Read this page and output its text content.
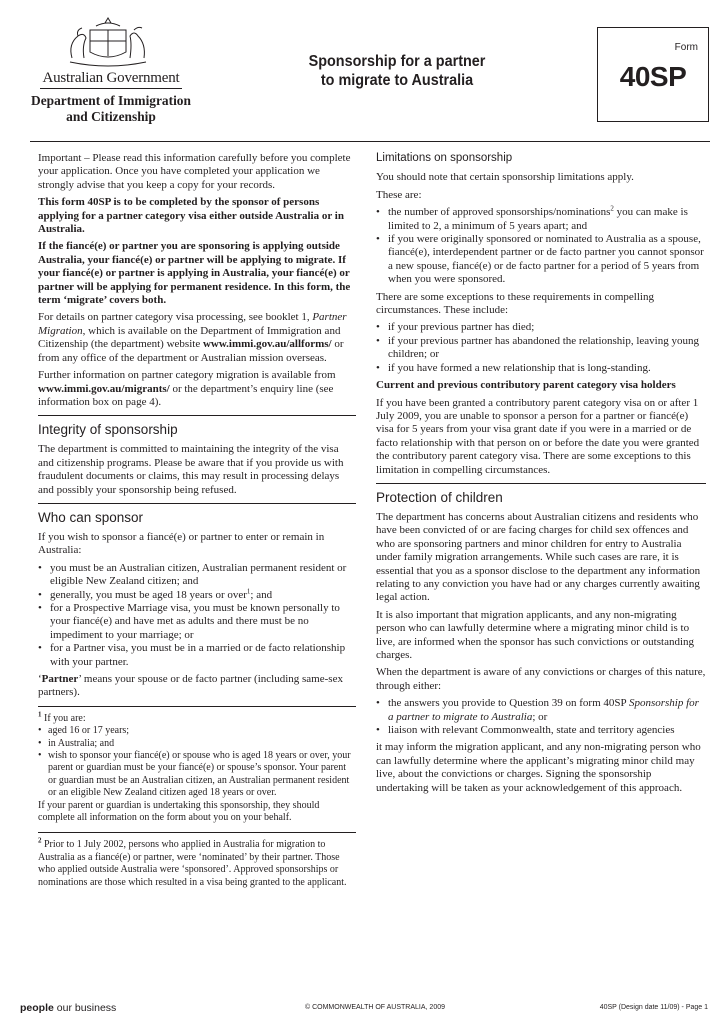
Australian Government
Department of Immigration
and Citizenship
Sponsorship for a partner
to migrate to Australia
Form
40SP

Important – Please read this information carefully before you complete your application. Once you have completed your application we strongly advise that you keep a copy for your records.

This form 40SP is to be completed by the sponsor of persons applying for a partner category visa either outside Australia or in Australia.

If the fiancé(e) or partner you are sponsoring is applying outside Australia, your fiancé(e) or partner will be applying to migrate. If your fiancé(e) or partner is applying in Australia, your fiancé(e) or partner will be applying for permanent residence. In this form, the term ‘migrate’ covers both.

For details on partner category visa processing, see booklet 1, Partner Migration, which is available on the Department of Immigration and Citizenship (the department) website www.immi.gov.au/allforms/ or from any office of the department or Australian mission overseas.

Further information on partner category migration is available from www.immi.gov.au/migrants/ or the department’s enquiry line (see information box on page 4).

Integrity of sponsorship

The department is committed to maintaining the integrity of the visa and citizenship programs. Please be aware that if you provide us with fraudulent documents or claims, this may result in processing delays and possibly your sponsorship being refused.

Who can sponsor

If you wish to sponsor a fiancé(e) or partner to enter or remain in Australia:

• you must be an Australian citizen, Australian permanent resident or eligible New Zealand citizen; and
• generally, you must be aged 18 years or over$^1$; and
• for a Prospective Marriage visa, you must be known personally to your fiancé(e) and have met as adults and there must be no impediment to your marriage; or
• for a Partner visa, you must be in a married or de facto relationship with your partner.

‘Partner’ means your spouse or de facto partner (including same-sex partners).

$^1$ If you are:
• aged 16 or 17 years;
• in Australia; and
• wish to sponsor your fiancé(e) or spouse who is aged 18 years or over, your parent or guardian must be your fiancé(e) or spouse’s sponsor. Your parent or guardian must be an Australian citizen, an Australian permanent resident or an eligible New Zealand citizen aged 18 years or over.
If your parent or guardian is undertaking this sponsorship, they should complete all information on the form about you on your behalf.
$^2$ Prior to 1 July 2002, persons who applied in Australia for migration to Australia as a fiancé(e) or partner, were ‘nominated’ by their partner. Those who applied outside Australia were ‘sponsored’. Approved sponsorships or nominations are those which resulted in a visa being granted to the applicant.
Limitations on sponsorship

You should note that certain sponsorship limitations apply.

These are:

• the number of approved sponsorships/nominations$^2$ you can make is limited to 2, a minimum of 5 years apart; and
• if you were originally sponsored or nominated to Australia as a spouse, fiancé(e), interdependent partner or de facto partner you cannot sponsor a new spouse, fiancé(e) or de facto partner for a period of 5 years from when you were sponsored.

There are some exceptions to these requirements in compelling circumstances. These include:

• if your previous partner has died;
• if your previous partner has abandoned the relationship, leaving young children; or
• if you have formed a new relationship that is long-standing.

Current and previous contributory parent category visa holders

If you have been granted a contributory parent category visa on or after 1 July 2009, you are unable to sponsor a person for a partner or fiancé(e) visa for 5 years from your visa grant date if you were in a married or de facto relationship with that person on or before the date you were granted the contributory parent category visa. There are some exceptions to this limitation in compelling circumstances.

Protection of children

The department has concerns about Australian citizens and residents who have been convicted of or are facing charges for child sex offences and who are sponsoring partners and minor children for entry to Australia under family migration arrangements. While such cases are rare, it is essential that you as a sponsor disclose to the department any information relating to any conviction you have had or any charges currently awaiting legal action.

It is also important that migration applicants, and any non-migrating person who can lawfully determine where a migrating minor child is to live, are informed when the sponsor has such convictions or outstanding charges.

When the department is aware of any convictions or charges of this nature, through either:

• the answers you provide to Question 39 on form 40SP Sponsorship for a partner to migrate to Australia; or
• liaison with relevant Commonwealth, state and territory agencies

it may inform the migration applicant, and any non-migrating person who can lawfully determine where the applicant’s migrating minor child may live, about the convictions or charges. Signing the sponsorship undertaking will be taken as your acknowledgement of this approach.

people our business	© COMMONWEALTH OF AUSTRALIA, 2009	40SP (Design date 11/09) - Page 1
